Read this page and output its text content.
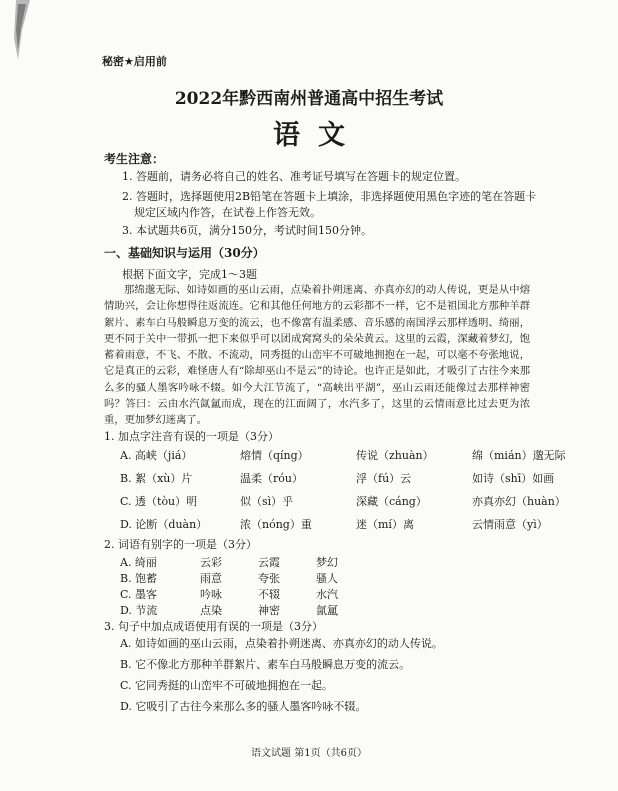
秘密★启用前
2022年黔西南州普通高中招生考试
语文
考生注意：
1. 答题前，请务必将自己的姓名、准考证号填写在答题卡的规定位置。
2. 答题时，选择题使用2B铅笔在答题卡上填涂，非选择题使用黑色字迹的笔在答题卡
规定区域内作答，在试卷上作答无效。
3. 本试题共6页，满分150分，考试时间150分钟。
一、基础知识与运用（30分）
根据下面文字，完成1～3题
那绵邈无际、如诗如画的巫山云雨，点染着扑朔迷离、亦真亦幻的动人传说，更是从中熔情助兴，会让你想得往返流连。它和其他任何地方的云彩都不一样，它不是祖国北方那种羊群絮片、素车白马般瞬息万变的流云，也不像富有温柔感、音乐感的南国浮云那样透明、绮丽，更不同于关中一带抓一把下来似乎可以团成窝窝头的朵朵黄云。这里的云霞，深藏着梦幻，饱蓄着雨意，不飞、不散、不流动，同秀挺的山峦牢不可破地拥抱在一起，可以毫不夸张地说，它是真正的云彩，难怪唐人有“除却巫山不是云”的诗论。也许正是如此，才吸引了古往今来那么多的骚人墨客吟咏不辍。如今大江节流了，“高峡出平湖”，巫山云雨还能像过去那样神密吗？答曰：云由水汽氤氲而成，现在的江面阔了，水汽多了，这里的云情雨意比过去更为浓重，更加梦幻迷离了。
1. 加点字注音有误的一项是（3分）
A. 高峡（jiá）	熔情（qíng）	传说（zhuàn）	绵（mián）邈无际
B. 絮（xù）片	温柔（róu）	浮（fú）云	如诗（shī）如画
C. 透（tòu）明	似（sì）乎	深藏（cáng）	亦真亦幻（huàn）
D. 论断（duàn）	浓（nóng）重	迷（mí）离	云情雨意（yì）
2. 词语有别字的一项是（3分）
A. 绮丽	云彩	云霞	梦幻
B. 饱蓄	雨意	夸张	骚人
C. 墨客	吟咏	不辍	水汽
D. 节流	点染	神密	氤氲
3. 句子中加点成语使用有误的一项是（3分）
A. 如诗如画的巫山云雨，点染着扑朔迷离、亦真亦幻的动人传说。
B. 它不像北方那种羊群絮片、素车白马般瞬息万变的流云。
C. 它同秀挺的山峦牢不可破地拥抱在一起。
D. 它吸引了古往今来那么多的骚人墨客吟咏不辍。
语文试题 第1页（共6页）
